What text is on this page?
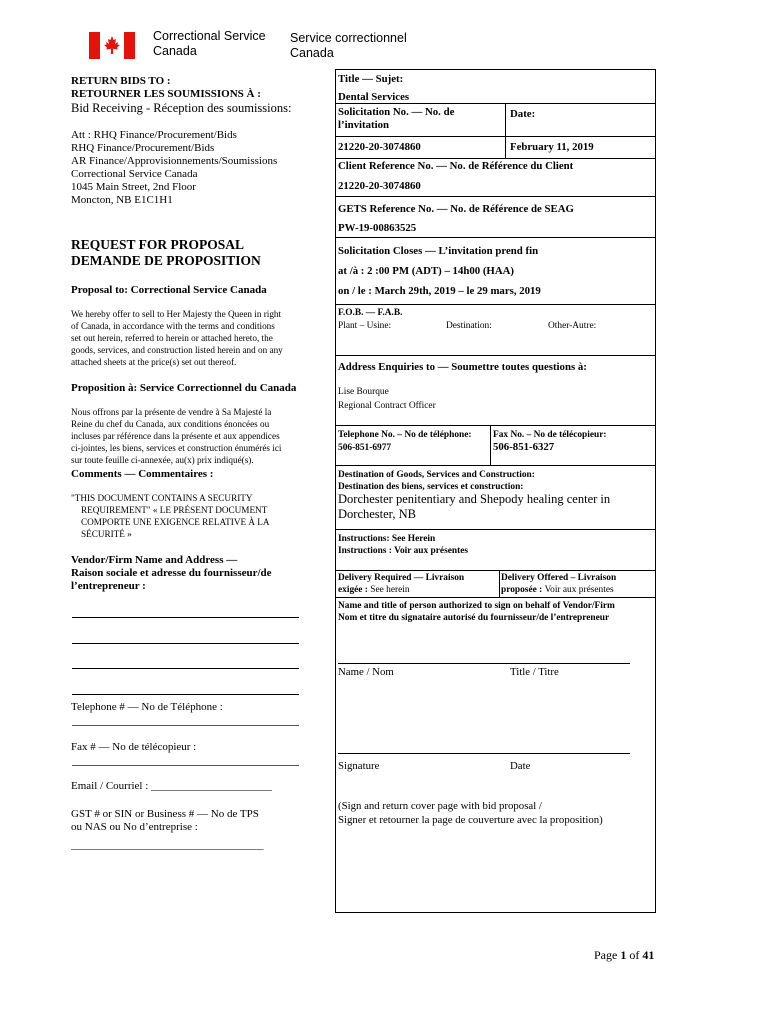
Correctional Service
Canada
Service correctionnel
Canada
RETURN BIDS TO :
RETOURNER LES SOUMISSIONS À :
Bid Receiving - Réception des soumissions:
Att : RHQ Finance/Procurement/Bids
RHQ Finance/Procurement/Bids
AR Finance/Approvisionnements/Soumissions
Correctional Service Canada
1045 Main Street, 2nd Floor
Moncton, NB E1C1H1
REQUEST FOR PROPOSAL
DEMANDE DE PROPOSITION
Proposal to: Correctional Service Canada
We hereby offer to sell to Her Majesty the Queen in right
of Canada, in accordance with the terms and conditions
set out herein, referred to herein or attached hereto, the
goods, services, and construction listed herein and on any
attached sheets at the price(s) set out thereof.
Proposition à: Service Correctionnel du Canada
Nous offrons par la présente de vendre à Sa Majesté la
Reine du chef du Canada, aux conditions énoncées ou
incluses par référence dans la présente et aux appendices
ci-jointes, les biens, services et construction énumérés ici
sur toute feuille ci-annexée, au(x) prix indiqué(s).
Comments — Commentaires :
"THIS DOCUMENT CONTAINS A SECURITY
REQUIREMENT" « LE PRÉSENT DOCUMENT
COMPORTE UNE EXIGENCE RELATIVE À LA
SÉCURITÉ »
Vendor/Firm Name and Address —
Raison sociale et adresse du fournisseur/de
l’entrepreneur :
Telephone # — No de Téléphone :
Fax # — No de télécopieur :
Email / Courriel : ______________________
GST # or SIN or Business # — No de TPS
ou NAS ou No d’entreprise :
___________________________________
Title — Sujet:
Dental Services
Solicitation No. — No. de
l’invitation
Date:
21220-20-3074860	February 11, 2019
Client Reference No. — No. de Référence du Client
21220-20-3074860
GETS Reference No. — No. de Référence de SEAG
PW-19-00863525
Solicitation Closes — L’invitation prend fin
at /à : 2 :00 PM (ADT) – 14h00 (HAA)
on / le : March 29th, 2019 – le 29 mars, 2019
F.O.B. — F.A.B.
Plant – Usine:	Destination:	Other-Autre:
Address Enquiries to — Soumettre toutes questions à:
Lise Bourque
Regional Contract Officer
Telephone No. – No de téléphone:
506-851-6977
Fax No. – No de télécopieur:
506-851-6327
Destination of Goods, Services and Construction:
Destination des biens, services et construction:
Dorchester penitentiary and Shepody healing center in
Dorchester, NB
Instructions: See Herein
Instructions : Voir aux présentes
Delivery Required — Livraison
exigée : See herein
Delivery Offered – Livraison
proposée : Voir aux présentes
Name and title of person authorized to sign on behalf of Vendor/Firm
Nom et titre du signataire autorisé du fournisseur/de l’entrepreneur
Name / Nom	Title / Titre
Signature	Date
(Sign and return cover page with bid proposal /
Signer et retourner la page de couverture avec la proposition)
Page 1 of 41
